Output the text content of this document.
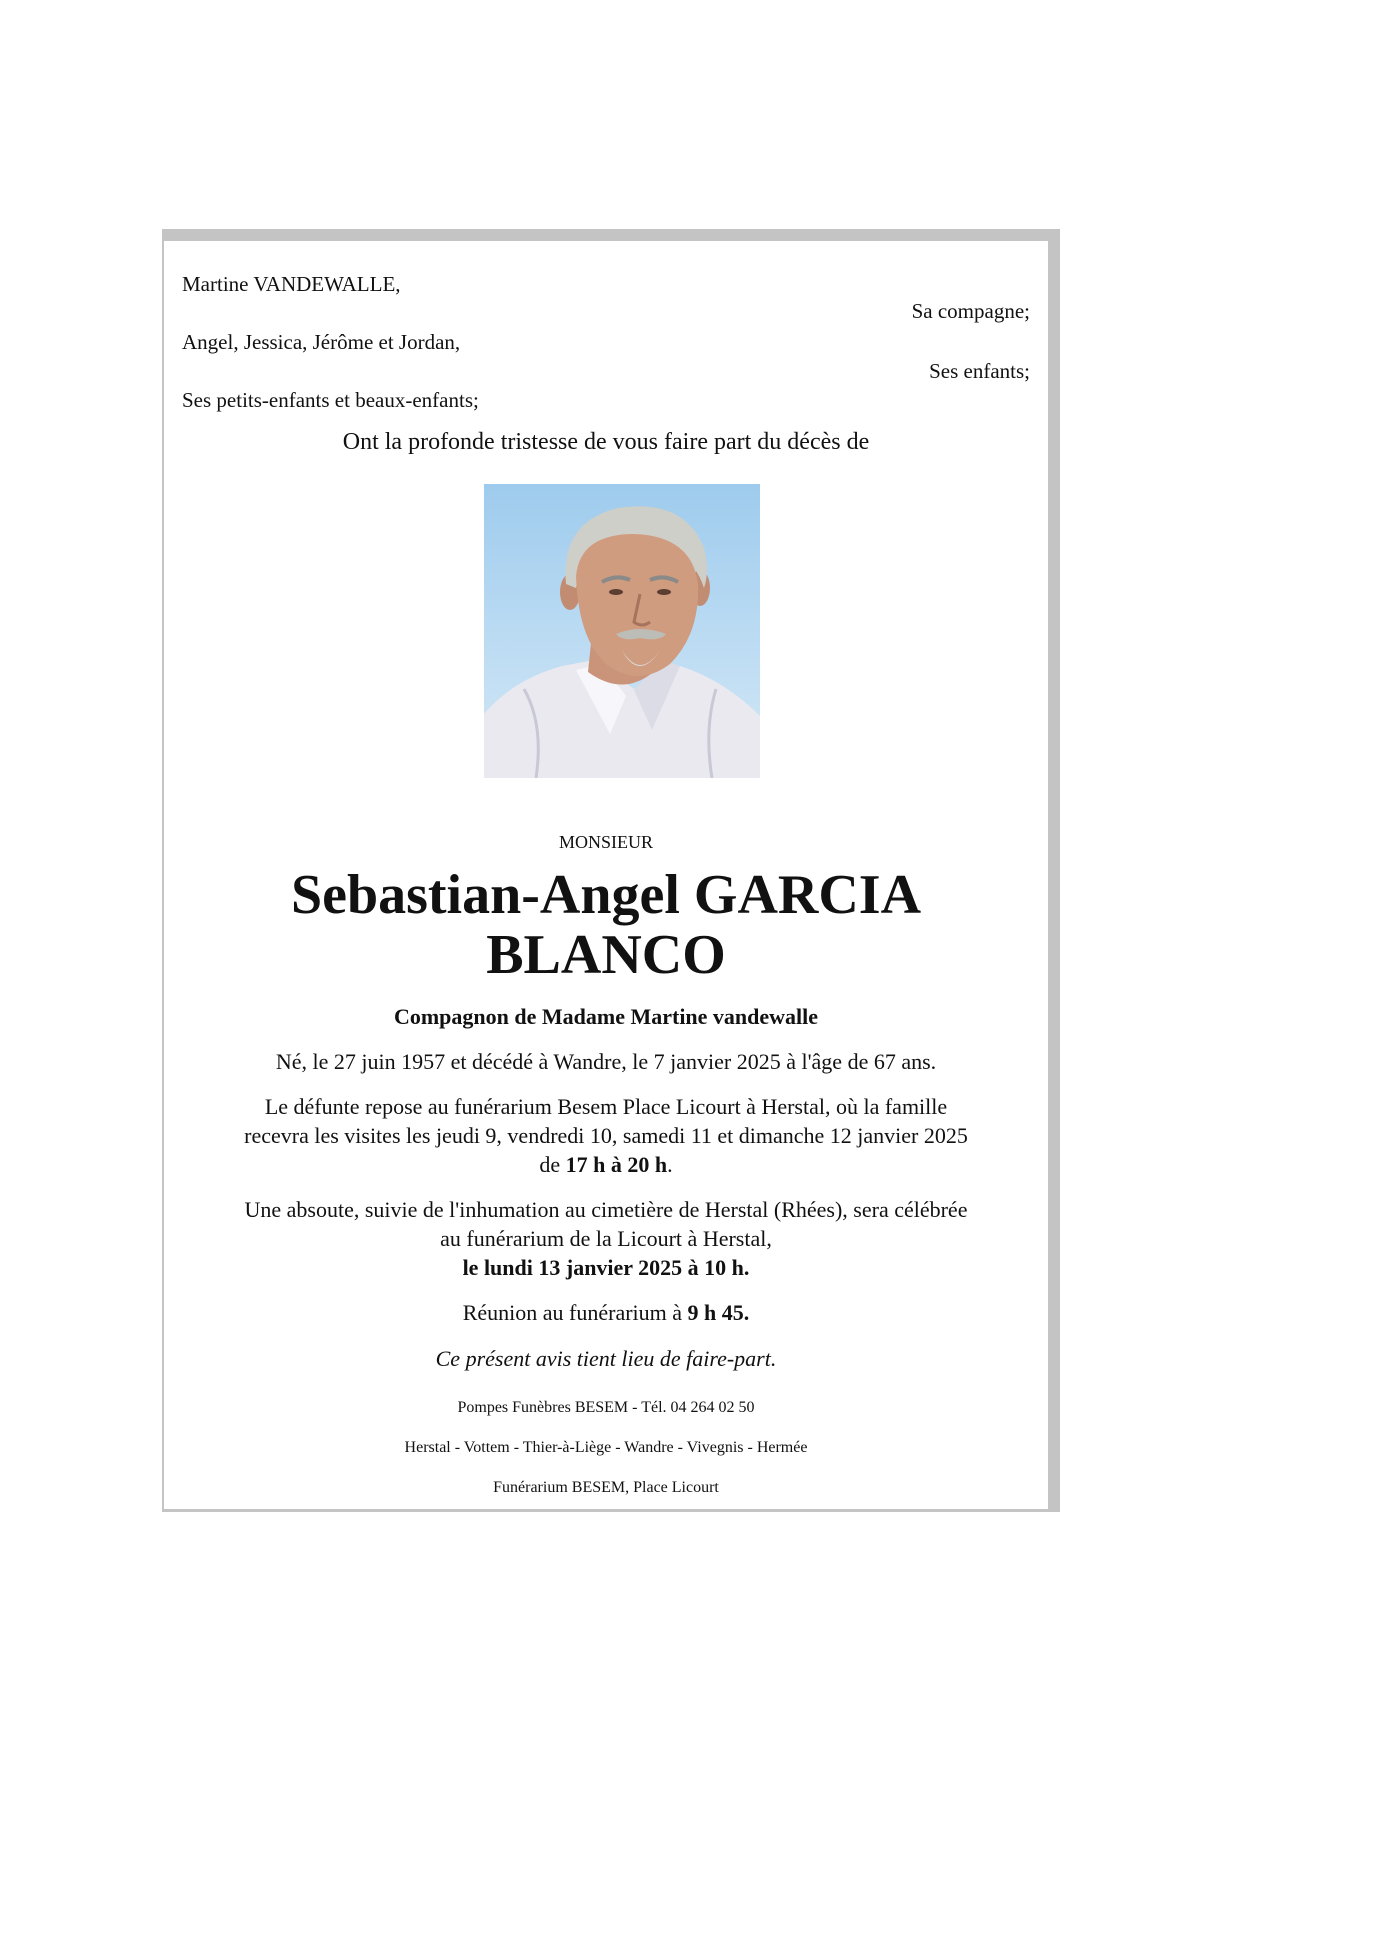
Martine VANDEWALLE,
Sa compagne;
Angel, Jessica, Jérôme et Jordan,
Ses enfants;
Ses petits-enfants et beaux-enfants;
Ont la profonde tristesse de vous faire part du décès de
MONSIEUR
Sebastian-Angel GARCIA
BLANCO
Compagnon de Madame Martine vandewalle
Né, le 27 juin 1957 et décédé à Wandre, le 7 janvier 2025 à l'âge de 67 ans.
Le défunte repose au funérarium Besem Place Licourt à Herstal, où la famille
recevra les visites les jeudi 9, vendredi 10, samedi 11 et dimanche 12 janvier 2025
de 17 h à 20 h.
Une absoute, suivie de l'inhumation au cimetière de Herstal (Rhées), sera célébrée
au funérarium de la Licourt à Herstal,
le lundi 13 janvier 2025 à 10 h.
Réunion au funérarium à 9 h 45.
Ce présent avis tient lieu de faire-part.
Pompes Funèbres BESEM - Tél. 04 264 02 50
Herstal - Vottem - Thier-à-Liège - Wandre - Vivegnis - Hermée
Funérarium BESEM, Place Licourt
